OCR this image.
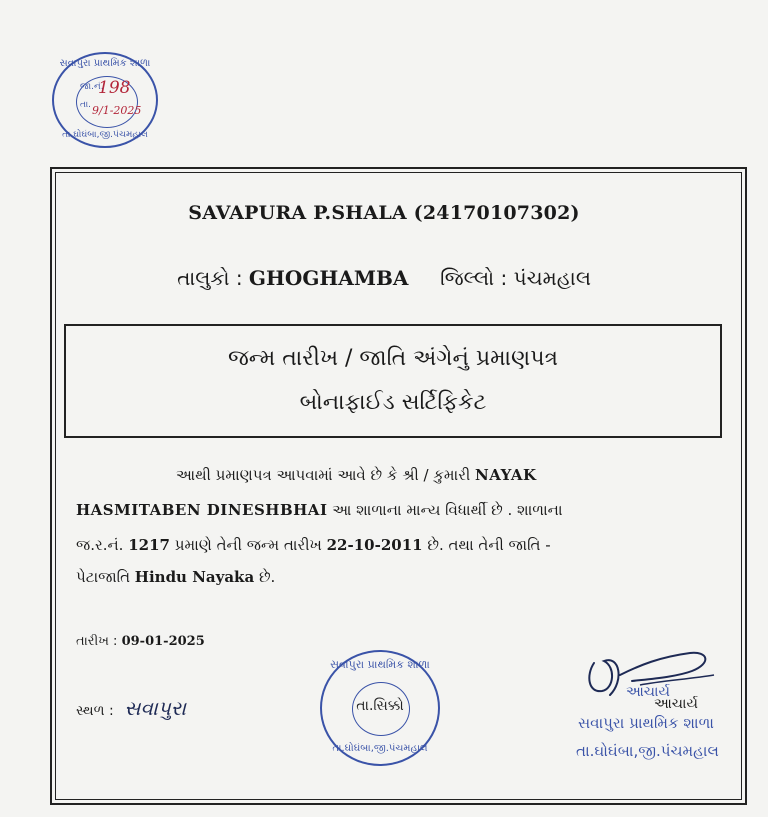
સવાપુરા પ્રાથમિક શાળા
જા.નં.
198
તા. 9/1-2025
તા.ઘોઘંબા,જી.પંચમહાલ
SAVAPURA P.SHALA (24170107302)
તાલુકો : GHOGHAMBA જિલ્લો : પંચમહાલ
જન્મ તારીખ / જાતિ અંગેનું પ્રમાણપત્ર
બોનાફાઈડ સર્ટિફિકેટ
આથી પ્રમાણપત્ર આપવામાં આવે છે કે શ્રી / કુમારી NAYAK
HASMITABEN DINESHBHAI આ શાળાના માન્ય વિધાર્થી છે . શાળાના
જ.ર.નં. 1217 પ્રમાણે તેની જન્મ તારીખ 22-10-2011 છે. તથા તેની જાતિ -
પેટાજાતિ Hindu Nayaka છે.
તારીખ : 09-01-2025
સ્થળ : સવાપુરા
સવાપુરા પ્રાથમિક શાળા
તા.સિક્કો
તા.ઘોઘંબા,જી.પંચમહાલ
આચાર્ય
આચાર્ય
સવાપુરા પ્રાથમિક શાળા
તા.ઘોઘંબા,જી.પંચમહાલ
